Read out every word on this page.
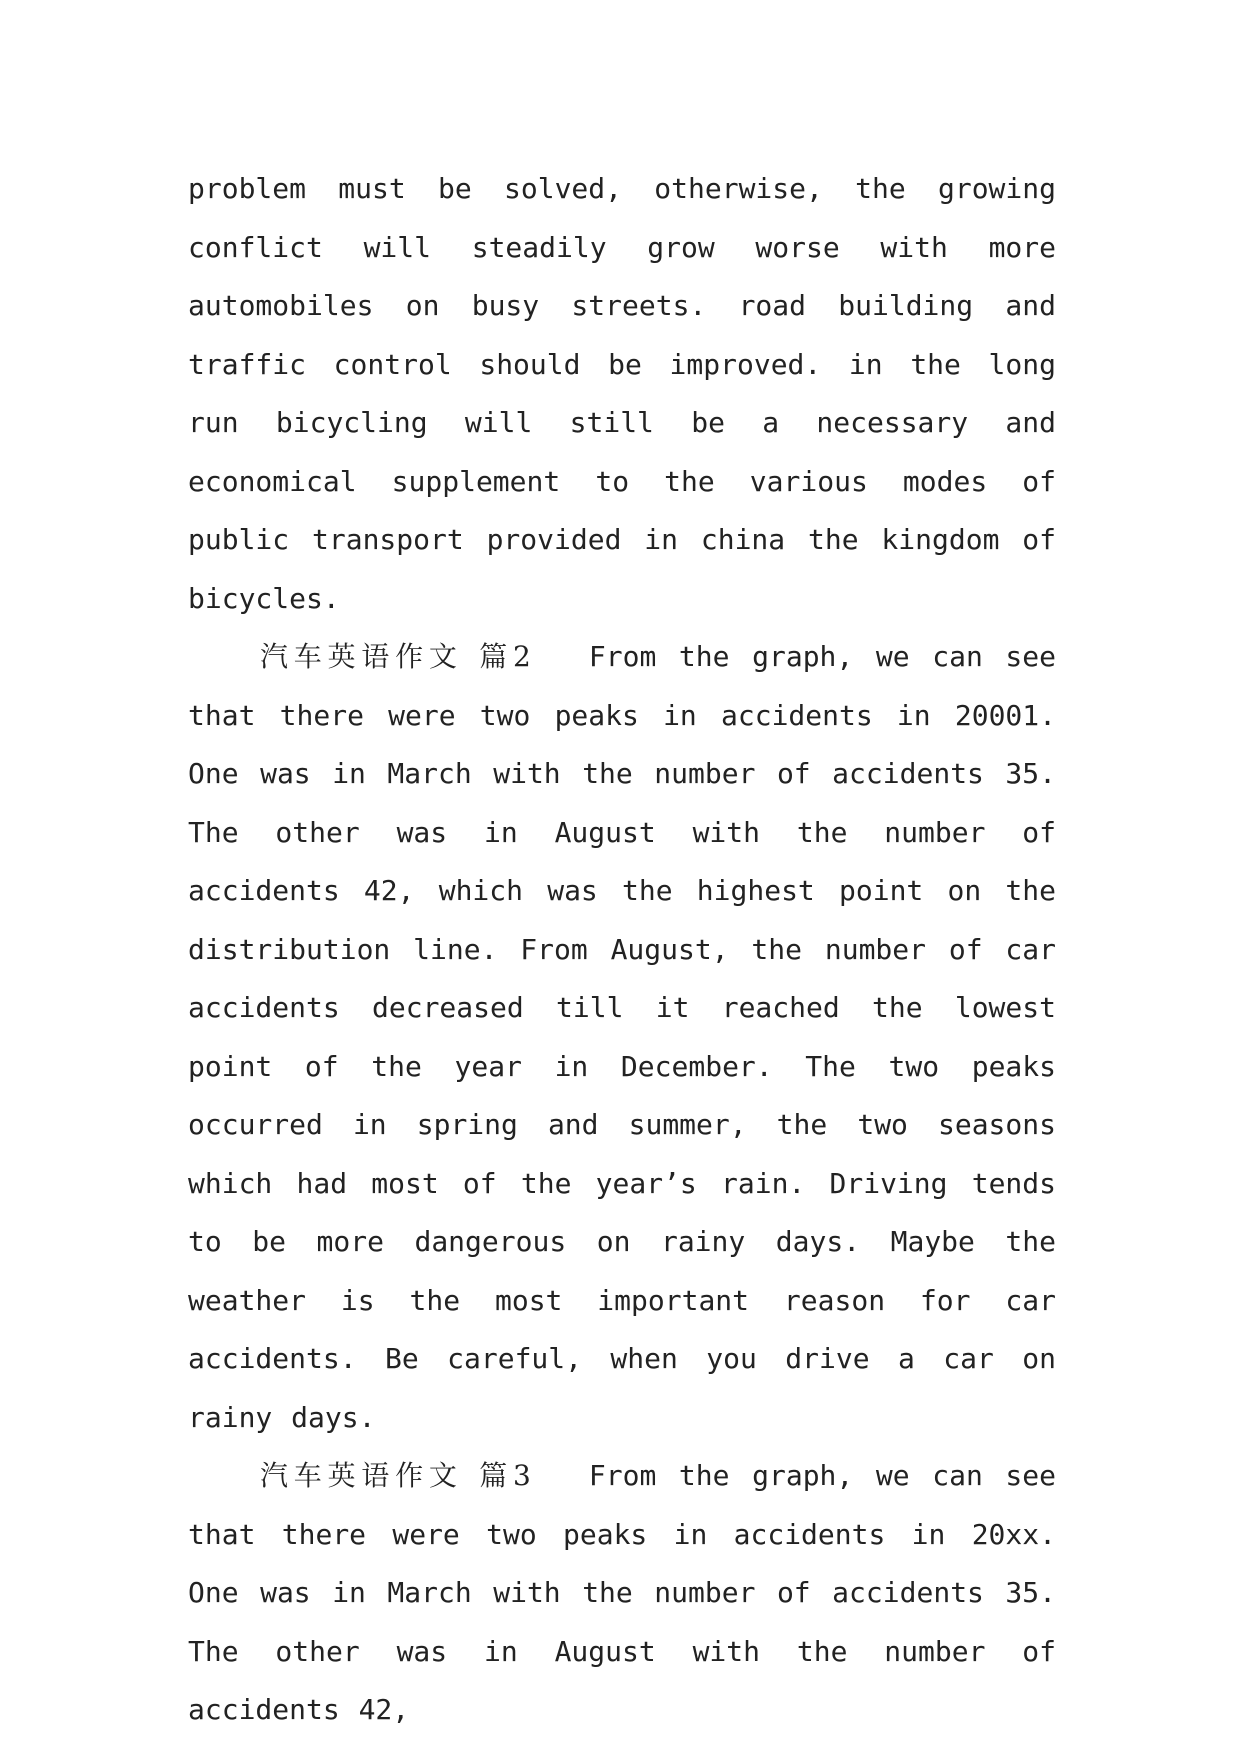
problem must be solved, otherwise, the growing conflict will steadily grow worse with more automobiles on busy streets. road building and traffic control should be improved. in the long run bicycling will still be a necessary and economical supplement to the various modes of public transport provided in china the kingdom of bicycles.

汽车英语作文 篇2 From the graph, we can see that there were two peaks in accidents in 20001. One was in March with the number of accidents 35. The other was in August with the number of accidents 42, which was the highest point on the distribution line. From August, the number of car accidents decreased till it reached the lowest point of the year in December. The two peaks occurred in spring and summer, the two seasons which had most of the year’s rain. Driving tends to be more dangerous on rainy days. Maybe the weather is the most important reason for car accidents. Be careful, when you drive a car on rainy days.

汽车英语作文 篇3 From the graph, we can see that there were two peaks in accidents in 20xx. One was in March with the number of accidents 35. The other was in August with the number of accidents 42,
